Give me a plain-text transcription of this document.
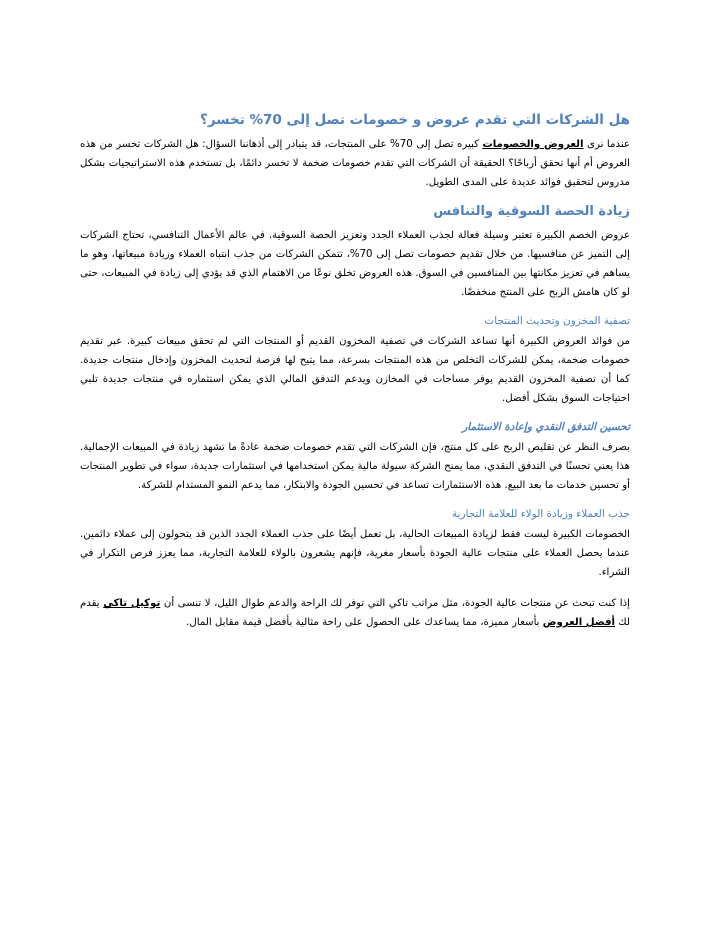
هل الشركات التي تقدم عروض و خصومات تصل إلى 70% تخسر؟

عندما نرى العروض والخصومات كبيره تصل إلى 70% على المنتجات، قد يتبادر إلى أذهاننا السؤال: هل الشركات تخسر من هذه العروض أم أنها تحقق أرباحًا؟ الحقيقة أن الشركات التي تقدم خصومات ضخمة لا تخسر دائمًا، بل تستخدم هذه الاستراتيجيات بشكل مدروس لتحقيق فوائد عديدة على المدى الطويل.

زيادة الحصة السوقية والتنافس

عروض الخصم الكبيرة تعتبر وسيلة فعالة لجذب العملاء الجدد وتعزيز الحصة السوقية. في عالم الأعمال التنافسي، تحتاج الشركات إلى التميز عن منافسيها. من خلال تقديم خصومات تصل إلى 70%، تتمكن الشركات من جذب انتباه العملاء وزيادة مبيعاتها، وهو ما يساهم في تعزيز مكانتها بين المنافسين في السوق. هذه العروض تخلق نوعًا من الاهتمام الذي قد يؤدي إلى زيادة في المبيعات، حتى لو كان هامش الربح على المنتج منخفضًا.

تصفية المخزون وتحديث المنتجات

من فوائد العروض الكبيرة أنها تساعد الشركات في تصفية المخزون القديم أو المنتجات التي لم تحقق مبيعات كبيرة. عبر تقديم خصومات ضخمة، يمكن للشركات التخلص من هذه المنتجات بسرعة، مما يتيح لها فرصة لتحديث المخزون وإدخال منتجات جديدة. كما أن تصفية المخزون القديم يوفر مساحات في المخازن ويدعم التدفق المالي الذي يمكن استثماره في منتجات جديدة تلبي احتياجات السوق بشكل أفضل.

تحسين التدفق النقدي وإعادة الاستثمار

بصرف النظر عن تقليص الربح على كل منتج، فإن الشركات التي تقدم خصومات ضخمة عادةً ما تشهد زيادة في المبيعات الإجمالية. هذا يعني تحسنًا في التدفق النقدي، مما يمنح الشركة سيولة مالية يمكن استخدامها في استثمارات جديدة، سواء في تطوير المنتجات أو تحسين خدمات ما بعد البيع. هذه الاستثمارات تساعد في تحسين الجودة والابتكار، مما يدعم النمو المستدام للشركة.

جذب العملاء وزيادة الولاء للعلامة التجارية

الخصومات الكبيرة ليست فقط لزيادة المبيعات الحالية، بل تعمل أيضًا على جذب العملاء الجدد الذين قد يتحولون إلى عملاء دائمين. عندما يحصل العملاء على منتجات عالية الجودة بأسعار مغرية، فإنهم يشعرون بالولاء للعلامة التجارية، مما يعزز فرص التكرار في الشراء.

إذا كنت تبحث عن منتجات عالية الجودة، مثل مراتب تاكي التي توفر لك الراحة والدعم طوال الليل، لا تنسى أن توكيل تاكي يقدم لك أفضل العروض بأسعار مميزة، مما يساعدك على الحصول على راحة مثالية بأفضل قيمة مقابل المال.
